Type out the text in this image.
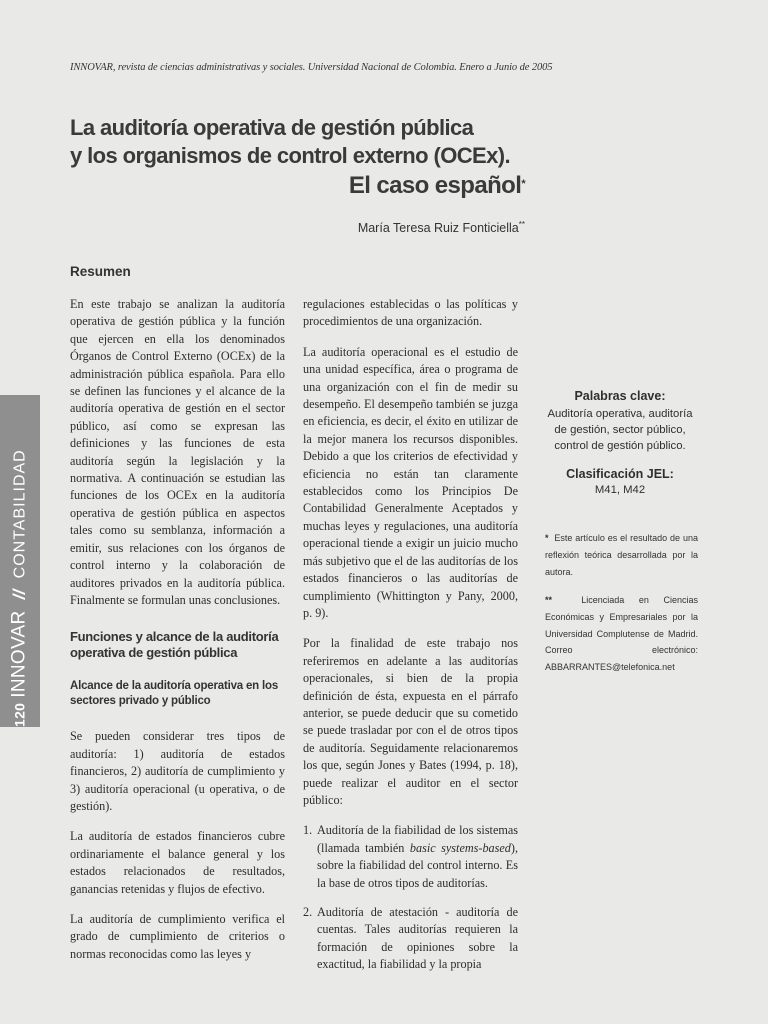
INNOVAR, revista de ciencias administrativas y sociales. Universidad Nacional de Colombia. Enero a Junio de 2005
La auditoría operativa de gestión pública
y los organismos de control externo (OCEx).
El caso español*
María Teresa Ruiz Fonticiella**
120 INNOVAR // CONTABILIDAD
Resumen

En este trabajo se analizan la auditoría operativa de gestión pública y la función que ejercen en ella los denominados Órganos de Control Externo (OCEx) de la administración pública española. Para ello se definen las funciones y el alcance de la auditoría operativa de gestión en el sector público, así como se expresan las definiciones y las funciones de esta auditoría según la legislación y la normativa. A continuación se estudian las funciones de los OCEx en la auditoría operativa de gestión pública en aspectos tales como su semblanza, información a emitir, sus relaciones con los órganos de control interno y la colaboración de auditores privados en la auditoría pública. Finalmente se formulan unas conclusiones.

Funciones y alcance de la auditoría operativa de gestión pública
Alcance de la auditoría operativa en los sectores privado y público

Se pueden considerar tres tipos de auditoría: 1) auditoría de estados financieros, 2) auditoría de cumplimiento y 3) auditoría operacional (u operativa, o de gestión).

La auditoría de estados financieros cubre ordinariamente el balance general y los estados relacionados de resultados, ganancias retenidas y flujos de efectivo.

La auditoría de cumplimiento verifica el grado de cumplimiento de criterios o normas reconocidas como las leyes y

regulaciones establecidas o las políticas y procedimientos de una organización.

La auditoría operacional es el estudio de una unidad específica, área o programa de una organización con el fin de medir su desempeño. El desempeño también se juzga en eficiencia, es decir, el éxito en utilizar de la mejor manera los recursos disponibles. Debido a que los criterios de efectividad y eficiencia no están tan claramente establecidos como los Principios De Contabilidad Generalmente Aceptados y muchas leyes y regulaciones, una auditoría operacional tiende a exigir un juicio mucho más subjetivo que el de las auditorías de los estados financieros o las auditorías de cumplimiento (Whittington y Pany, 2000, p. 9).

Por la finalidad de este trabajo nos referiremos en adelante a las auditorías operacionales, si bien de la propia definición de ésta, expuesta en el párrafo anterior, se puede deducir que su cometido se puede trasladar por con el de otros tipos de auditoría. Seguidamente relacionaremos los que, según Jones y Bates (1994, p. 18), puede realizar el auditor en el sector público:

1. Auditoría de la fiabilidad de los sistemas (llamada también basic systems-based), sobre la fiabilidad del control interno. Es la base de otros tipos de auditorías.
2. Auditoría de atestación - auditoría de cuentas. Tales auditorías requieren la formación de opiniones sobre la exactitud, la fiabilidad y la propia
Palabras clave:
Auditoría operativa, auditoría de gestión, sector público, control de gestión público.
Clasificación JEL:
M41, M42
* Este artículo es el resultado de una reflexión teórica desarrollada por la autora.
**	Licenciada en Ciencias Económicas y Empresariales por la Universidad Complutense de Madrid. Correo electrónico: ABBARRANTES@telefonica.net
